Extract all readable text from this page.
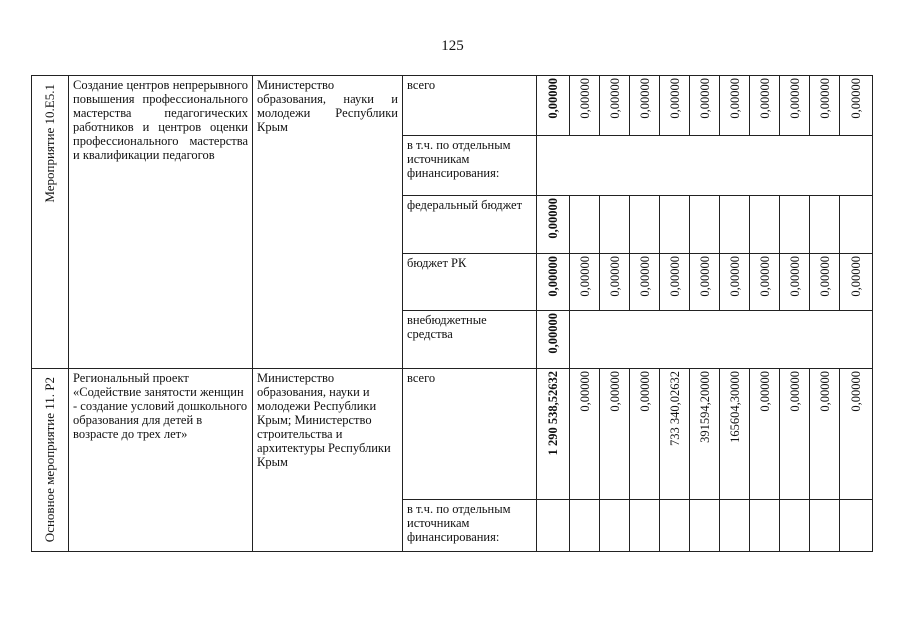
125
Мероприятие 10.Е5.1	Создание центров непрерывного повышения профессионального мастерства педагогических работников и центров оценки профессионального мастерства и квалификации педагогов	Министерство образования, науки и молодежи Республики Крым	всего	0,00000	0,00000	0,00000	0,00000	0,00000	0,00000	0,00000	0,00000	0,00000	0,00000	0,00000
			в т.ч. по отдельным источникам финансирования:											
			федеральный бюджет	0,00000										
			бюджет РК	0,00000	0,00000	0,00000	0,00000	0,00000	0,00000	0,00000	0,00000	0,00000	0,00000	0,00000
			внебюджетные средства	0,00000										

Основное мероприятие 11. Р2	Региональный проект «Содействие занятости женщин - создание условий дошкольного образования для детей в возрасте до трех лет»	Министерство образования, науки и молодежи Республики Крым; Министерство строительства и архитектуры Республики Крым	всего	1 290 538,52632	0,00000	0,00000	0,00000	733 340,02632	391594,20000	165604,30000	0,00000	0,00000	0,00000	0,00000
			в т.ч. по отдельным источникам финансирования:											
